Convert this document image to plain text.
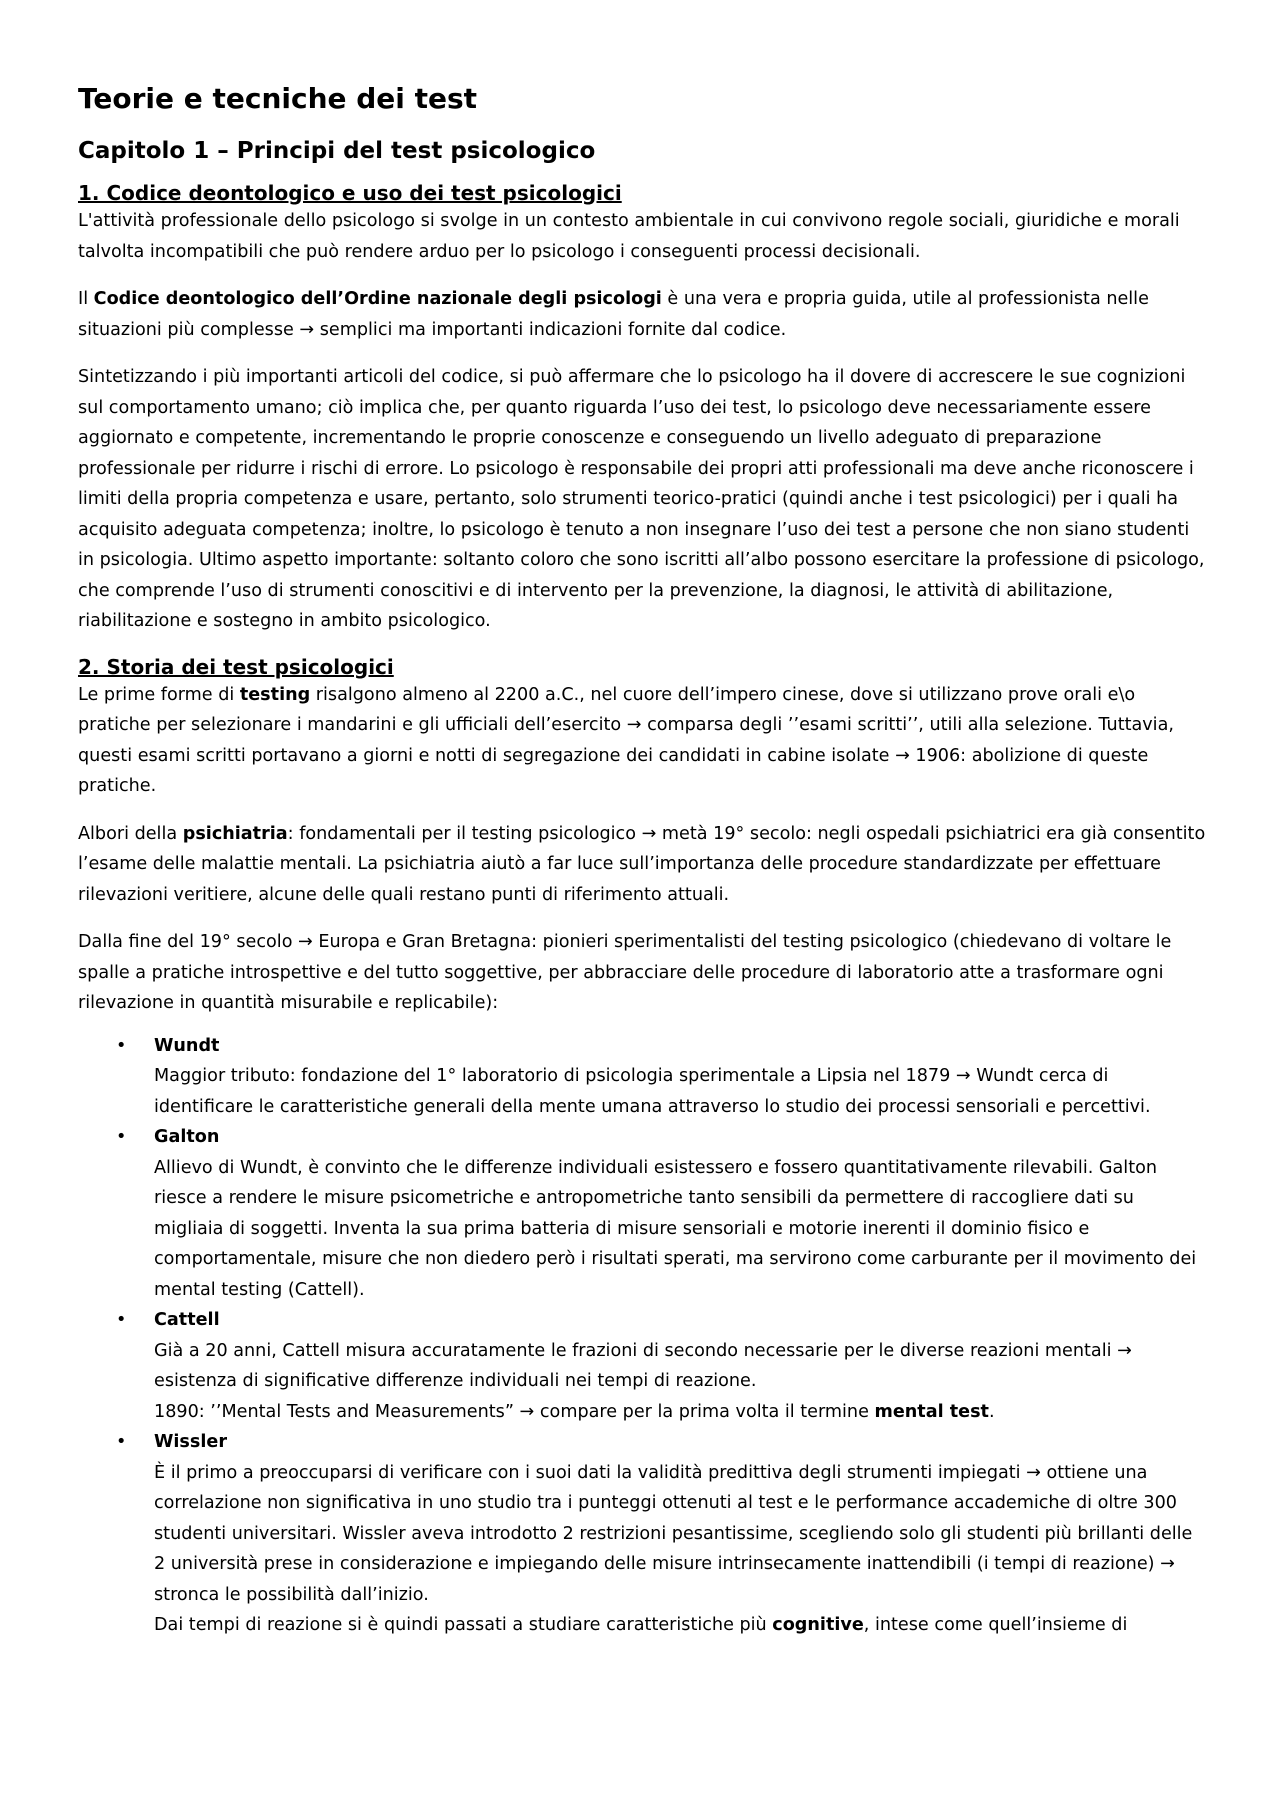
Teorie e tecniche dei test
Capitolo 1 – Principi del test psicologico
1. Codice deontologico e uso dei test psicologici

L'attività professionale dello psicologo si svolge in un contesto ambientale in cui convivono regole sociali, giuridiche e morali talvolta incompatibili che può rendere arduo per lo psicologo i conseguenti processi decisionali.

Il Codice deontologico dell’Ordine nazionale degli psicologi è una vera e propria guida, utile al professionista nelle situazioni più complesse → semplici ma importanti indicazioni fornite dal codice.

Sintetizzando i più importanti articoli del codice, si può affermare che lo psicologo ha il dovere di accrescere le sue cognizioni sul comportamento umano; ciò implica che, per quanto riguarda l’uso dei test, lo psicologo deve necessariamente essere aggiornato e competente, incrementando le proprie conoscenze e conseguendo un livello adeguato di preparazione professionale per ridurre i rischi di errore. Lo psicologo è responsabile dei propri atti professionali ma deve anche riconoscere i limiti della propria competenza e usare, pertanto, solo strumenti teorico-pratici (quindi anche i test psicologici) per i quali ha acquisito adeguata competenza; inoltre, lo psicologo è tenuto a non insegnare l’uso dei test a persone che non siano studenti in psicologia. Ultimo aspetto importante: soltanto coloro che sono iscritti all’albo possono esercitare la professione di psicologo, che comprende l’uso di strumenti conoscitivi e di intervento per la prevenzione, la diagnosi, le attività di abilitazione, riabilitazione e sostegno in ambito psicologico.

2. Storia dei test psicologici

Le prime forme di testing risalgono almeno al 2200 a.C., nel cuore dell’impero cinese, dove si utilizzano prove orali e\o pratiche per selezionare i mandarini e gli ufficiali dell’esercito → comparsa degli ’’esami scritti’’, utili alla selezione. Tuttavia, questi esami scritti portavano a giorni e notti di segregazione dei candidati in cabine isolate → 1906: abolizione di queste pratiche.

Albori della psichiatria: fondamentali per il testing psicologico → metà 19° secolo: negli ospedali psichiatrici era già consentito l’esame delle malattie mentali. La psichiatria aiutò a far luce sull’importanza delle procedure standardizzate per effettuare rilevazioni veritiere, alcune delle quali restano punti di riferimento attuali.

Dalla fine del 19° secolo → Europa e Gran Bretagna: pionieri sperimentalisti del testing psicologico (chiedevano di voltare le spalle a pratiche introspettive e del tutto soggettive, per abbracciare delle procedure di laboratorio atte a trasformare ogni rilevazione in quantità misurabile e replicabile):

• Wundt
Maggior tributo: fondazione del 1° laboratorio di psicologia sperimentale a Lipsia nel 1879 → Wundt cerca di identificare le caratteristiche generali della mente umana attraverso lo studio dei processi sensoriali e percettivi.
• Galton
Allievo di Wundt, è convinto che le differenze individuali esistessero e fossero quantitativamente rilevabili. Galton riesce a rendere le misure psicometriche e antropometriche tanto sensibili da permettere di raccogliere dati su migliaia di soggetti. Inventa la sua prima batteria di misure sensoriali e motorie inerenti il dominio fisico e comportamentale, misure che non diedero però i risultati sperati, ma servirono come carburante per il movimento dei mental testing (Cattell).
• Cattell
Già a 20 anni, Cattell misura accuratamente le frazioni di secondo necessarie per le diverse reazioni mentali → esistenza di significative differenze individuali nei tempi di reazione.
1890: ’’Mental Tests and Measurements” → compare per la prima volta il termine mental test.
• Wissler
È il primo a preoccuparsi di verificare con i suoi dati la validità predittiva degli strumenti impiegati → ottiene una correlazione non significativa in uno studio tra i punteggi ottenuti al test e le performance accademiche di oltre 300 studenti universitari. Wissler aveva introdotto 2 restrizioni pesantissime, scegliendo solo gli studenti più brillanti delle 2 università prese in considerazione e impiegando delle misure intrinsecamente inattendibili (i tempi di reazione) → stronca le possibilità dall’inizio.
Dai tempi di reazione si è quindi passati a studiare caratteristiche più cognitive, intese come quell’insieme di
